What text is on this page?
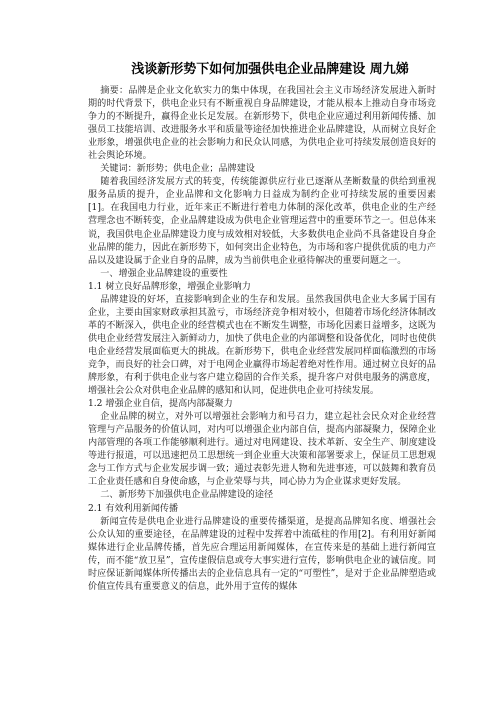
浅谈新形势下如何加强供电企业品牌建设 周九娣

摘要：品牌是企业文化软实力的集中体现，在我国社会主义市场经济发展进入新时期的时代背景下，供电企业只有不断重视自身品牌建设，才能从根本上推动自身市场竞争力的不断提升，赢得企业长足发展。在新形势下，供电企业应通过利用新闻传播、加强员工技能培训、改进服务水平和质量等途径加快推进企业品牌建设，从而树立良好企业形象，增强供电企业的社会影响力和民众认同感，为供电企业可持续发展创造良好的社会舆论环境。

关键词：新形势；供电企业；品牌建设

随着我国经济发展方式的转变，传统能源供应行业已逐渐从垄断数量的供给到重视服务品质的提升，企业品牌和文化影响力日益成为制约企业可持续发展的重要因素[1]。在我国电力行业，近年来正不断进行着电力体制的深化改革，供电企业的生产经营理念也不断转变，企业品牌建设成为供电企业管理运营中的重要环节之一。但总体来说，我国供电企业品牌建设力度与成效相对较低，大多数供电企业尚不具备建设自身企业品牌的能力，因此在新形势下，如何突出企业特色，为市场和客户提供优质的电力产品以及建设属于企业自身的品牌，成为当前供电企业亟待解决的重要问题之一。

一、增强企业品牌建设的重要性

1.1 树立良好品牌形象，增强企业影响力

品牌建设的好坏，直接影响到企业的生存和发展。虽然我国供电企业大多属于国有企业，主要由国家财政承担其盈亏，市场经济竞争相对较小，但随着市场化经济体制改革的不断深入，供电企业的经营模式也在不断发生调整，市场化因素日益增多，这既为供电企业经营发展注入新鲜动力，加快了供电企业的内部调整和设备优化，同时也使供电企业经营发展面临更大的挑战。在新形势下，供电企业经营发展同样面临激烈的市场竞争，而良好的社会口碑，对于电网企业赢得市场起着绝对性作用。通过树立良好的品牌形象，有利于供电企业与客户建立稳固的合作关系，提升客户对供电服务的满意度，增强社会公众对供电企业品牌的感知和认同，促进供电企业可持续发展。

1.2 增强企业自信，提高内部凝聚力

企业品牌的树立，对外可以增强社会影响力和号召力，建立起社会民众对企业经营管理与产品服务的价值认同，对内可以增强企业内部自信，提高内部凝聚力，保障企业内部管理的各项工作能够顺利进行。通过对电网建设、技术革新、安全生产、制度建设等进行报道，可以迅速把员工思想统一到企业重大决策和部署要求上，保证员工思想观念与工作方式与企业发展步调一致；通过表彰先进人物和先进事迹，可以鼓舞和教育员工企业责任感和自身使命感，与企业荣辱与共，同心协力为企业谋求更好发展。

二、新形势下加强供电企业品牌建设的途径

2.1 有效利用新闻传播

新闻宣传是供电企业进行品牌建设的重要传播渠道，是提高品牌知名度、增强社会公众认知的重要途径，在品牌建设的过程中发挥着中流砥柱的作用[2]。有利用好新闻媒体进行企业品牌传播，首先应合理运用新闻媒体，在宣传来是的基础上进行新闻宣传，而不能“放卫星”，宣传虚假信息或夸大事实进行宣传，影响供电企业的诚信度。同时应保证新闻媒体所传播出去的企业信息具有一定的“可塑性”，是对于企业品牌塑造或价值宣传具有重要意义的信息，此外用于宣传的媒体
